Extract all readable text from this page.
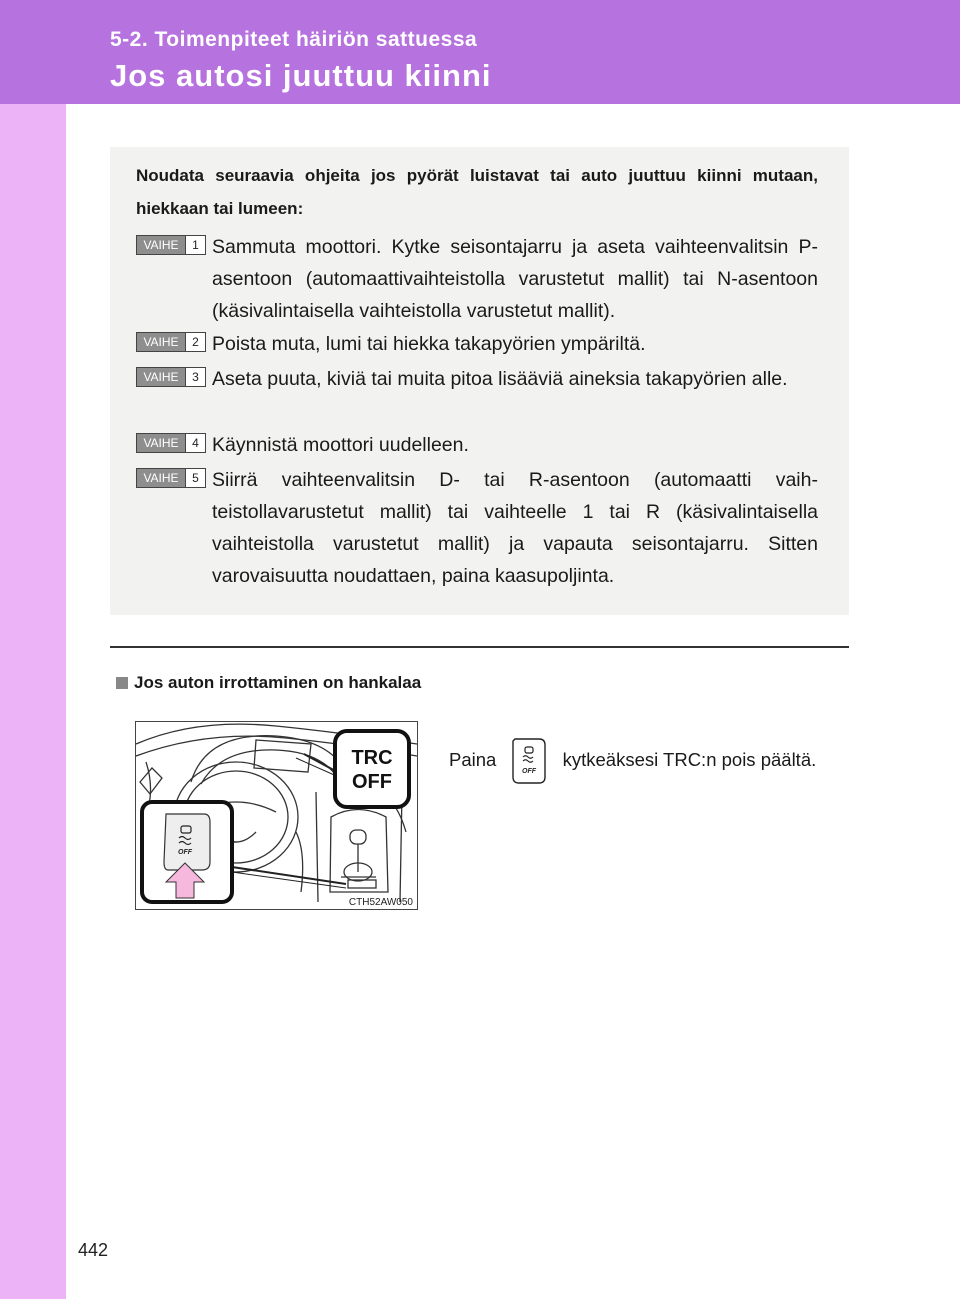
5-2. Toimenpiteet häiriön sattuessa
Jos autosi juuttuu kiinni
Noudata seuraavia ohjeita jos pyörät luistavat tai auto juuttuu kiinni mutaan, hiekkaan tai lumeen:
VAIHE	1 Sammuta moottori. Kytke seisontajarru ja aseta vaihteenvalitsin P-asentoon (automaattivaihteistolla varustetut mallit) tai N-asentoon (käsivalintaisella vaihteistolla varustetut mallit).
VAIHE	2 Poista muta, lumi tai hiekka takapyörien ympäriltä.
VAIHE	3 Aseta puuta, kiviä tai muita pitoa lisääviä aineksia takapyörien alle.
VAIHE	4 Käynnistä moottori uudelleen.
VAIHE	5 Siirrä vaihteenvalitsin D- tai R-asentoon (automaatti vaihteistollavarustetut mallit) tai vaihteelle 1 tai R (käsivalintaisella vaihteistolla varustetut mallit) ja vapauta seisontajarru. Sitten varovaisuutta noudattaen, paina kaasupoljinta.
Jos auton irrottaminen on hankalaa
TRC
OFF
OFF
CTH52AW050
Paina
OFF
kytkeäksesi TRC:n pois päältä.
442
